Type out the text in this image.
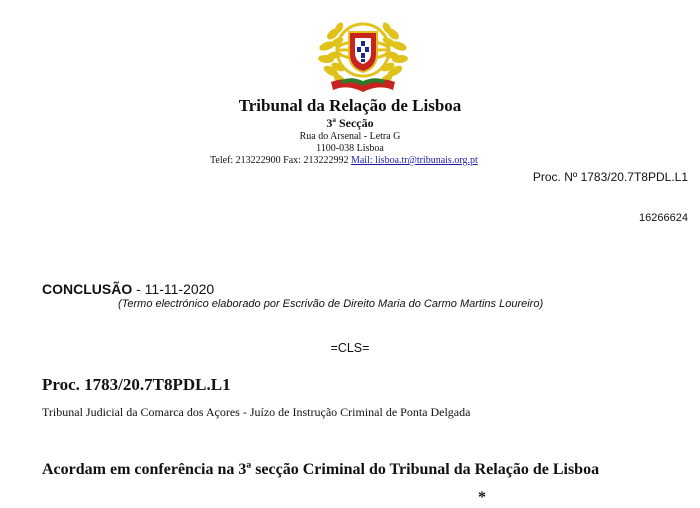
Tribunal da Relação de Lisboa
3ª Secção
Rua do Arsenal - Letra G
1100-038 Lisboa
Telef: 213222900 Fax: 213222992 Mail: lisboa.tr@tribunais.org.pt
Proc. Nº 1783/20.7T8PDL.L1
16266624
CONCLUSÃO - 11-11-2020
(Termo electrónico elaborado por Escrivão de Direito Maria do Carmo Martins Loureiro)
=CLS=
Proc. 1783/20.7T8PDL.L1
Tribunal Judicial da Comarca dos Açores - Juízo de Instrução Criminal de Ponta Delgada
Acordam em conferência na 3ª secção Criminal do Tribunal da Relação de Lisboa
*
